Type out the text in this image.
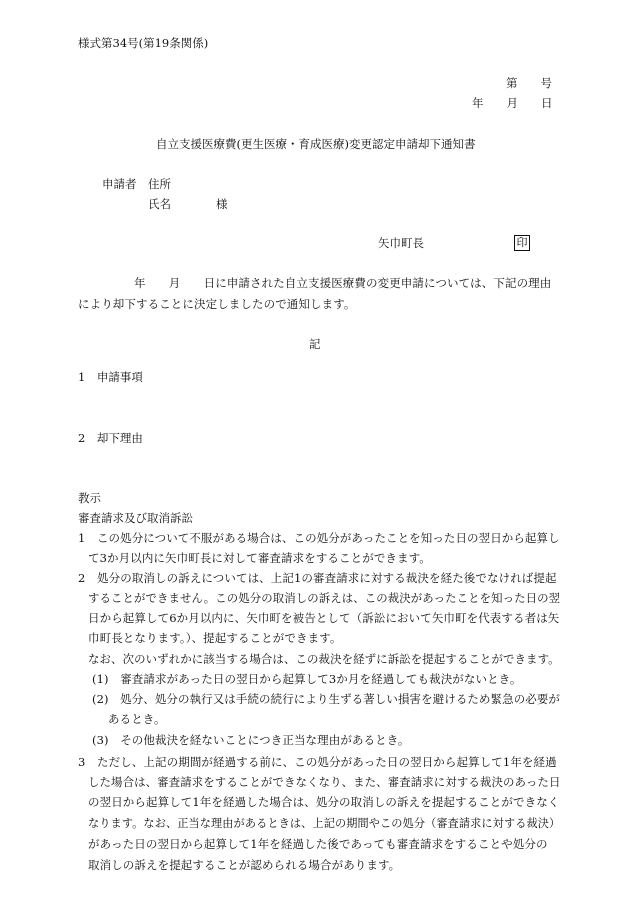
様式第34号(第19条関係)
第　　号
年　　月　　日
自立支援医療費(更生医療・育成医療)変更認定申請却下通知書
申請者 住所
氏名	様
矢巾町長	印
年　　月　　日に申請された自立支援医療費の変更申請については、下記の理由
により却下することに決定しましたので通知します。
記
1　申請事項
2　却下理由
教示
審査請求及び取消訴訟
1　この処分について不服がある場合は、この処分があったことを知った日の翌日から起算し
て3か月以内に矢巾町長に対して審査請求をすることができます。
2　処分の取消しの訴えについては、上記1の審査請求に対する裁決を経た後でなければ提起
することができません。この処分の取消しの訴えは、この裁決があったことを知った日の翌
日から起算して6か月以内に、矢巾町を被告として（訴訟において矢巾町を代表する者は矢
巾町長となります。）、提起することができます。
なお、次のいずれかに該当する場合は、この裁決を経ずに訴訟を提起することができます。
(1)　審査請求があった日の翌日から起算して3か月を経過しても裁決がないとき。
(2)　処分、処分の執行又は手続の続行により生ずる著しい損害を避けるため緊急の必要が
あるとき。
(3)　その他裁決を経ないことにつき正当な理由があるとき。
3　ただし、上記の期間が経過する前に、この処分があった日の翌日から起算して1年を経過
した場合は、審査請求をすることができなくなり、また、審査請求に対する裁決のあった日
の翌日から起算して1年を経過した場合は、処分の取消しの訴えを提起することができなく
なります。なお、正当な理由があるときは、上記の期間やこの処分（審査請求に対する裁決）
があった日の翌日から起算して1年を経過した後であっても審査請求をすることや処分の
取消しの訴えを提起することが認められる場合があります。
